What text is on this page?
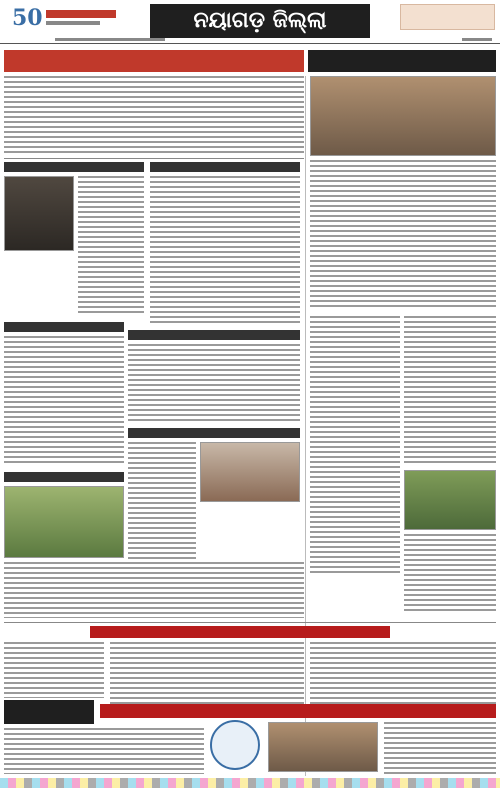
50	ନୟାଗଡ଼ ଜିଲ୍ଲା
